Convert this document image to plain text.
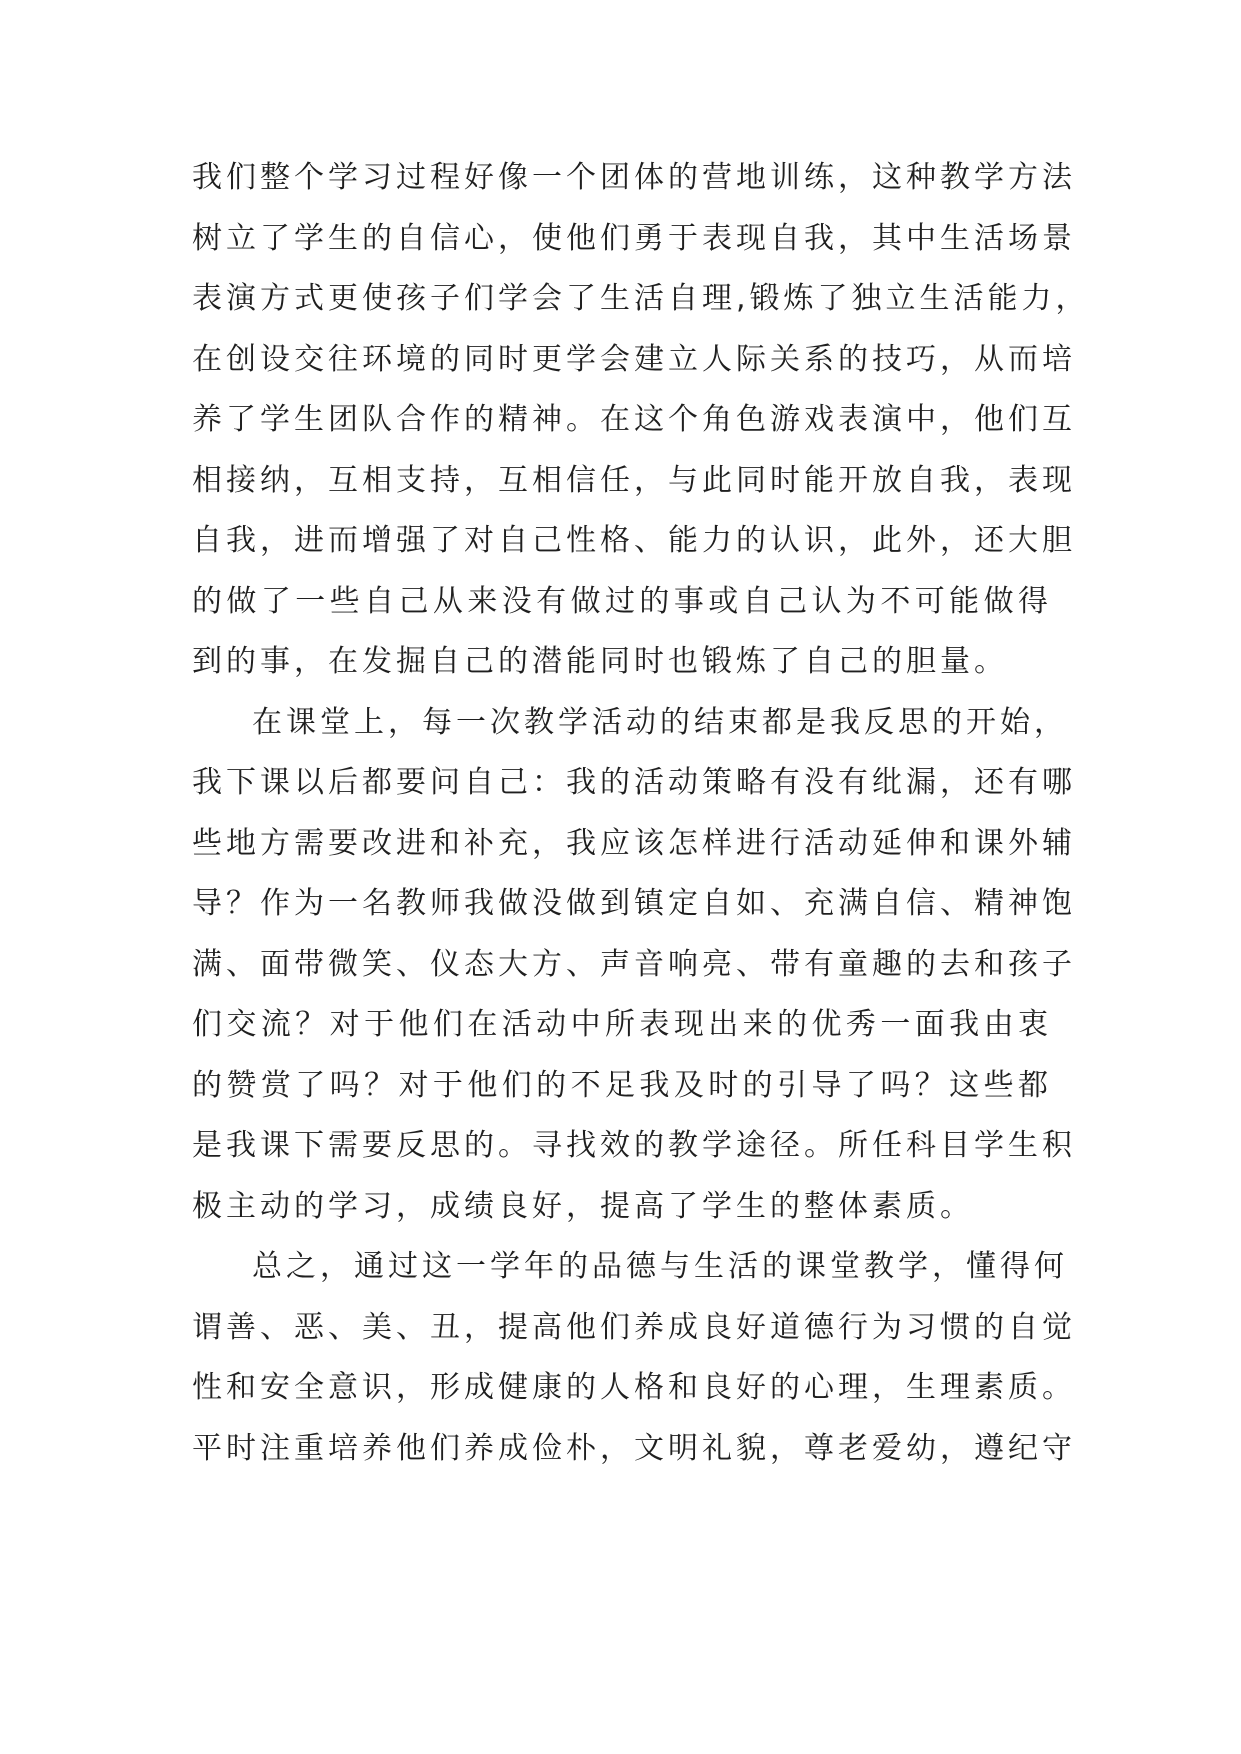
我们整个学习过程好像一个团体的营地训练，这种教学方法
树立了学生的自信心，使他们勇于表现自我，其中生活场景
表演方式更使孩子们学会了生活自理,锻炼了独立生活能力，
在创设交往环境的同时更学会建立人际关系的技巧，从而培
养了学生团队合作的精神。在这个角色游戏表演中，他们互
相接纳，互相支持，互相信任，与此同时能开放自我，表现
自我，进而增强了对自己性格、能力的认识，此外，还大胆
的做了一些自己从来没有做过的事或自己认为不可能做得
到的事，在发掘自己的潜能同时也锻炼了自己的胆量。
在课堂上，每一次教学活动的结束都是我反思的开始，
我下课以后都要问自己：我的活动策略有没有纰漏，还有哪
些地方需要改进和补充，我应该怎样进行活动延伸和课外辅
导？作为一名教师我做没做到镇定自如、充满自信、精神饱
满、面带微笑、仪态大方、声音响亮、带有童趣的去和孩子
们交流？对于他们在活动中所表现出来的优秀一面我由衷
的赞赏了吗？对于他们的不足我及时的引导了吗？这些都
是我课下需要反思的。寻找效的教学途径。所任科目学生积
极主动的学习，成绩良好，提高了学生的整体素质。
总之，通过这一学年的品德与生活的课堂教学，懂得何
谓善、恶、美、丑，提高他们养成良好道德行为习惯的自觉
性和安全意识，形成健康的人格和良好的心理，生理素质。
平时注重培养他们养成俭朴，文明礼貌，尊老爱幼，遵纪守
